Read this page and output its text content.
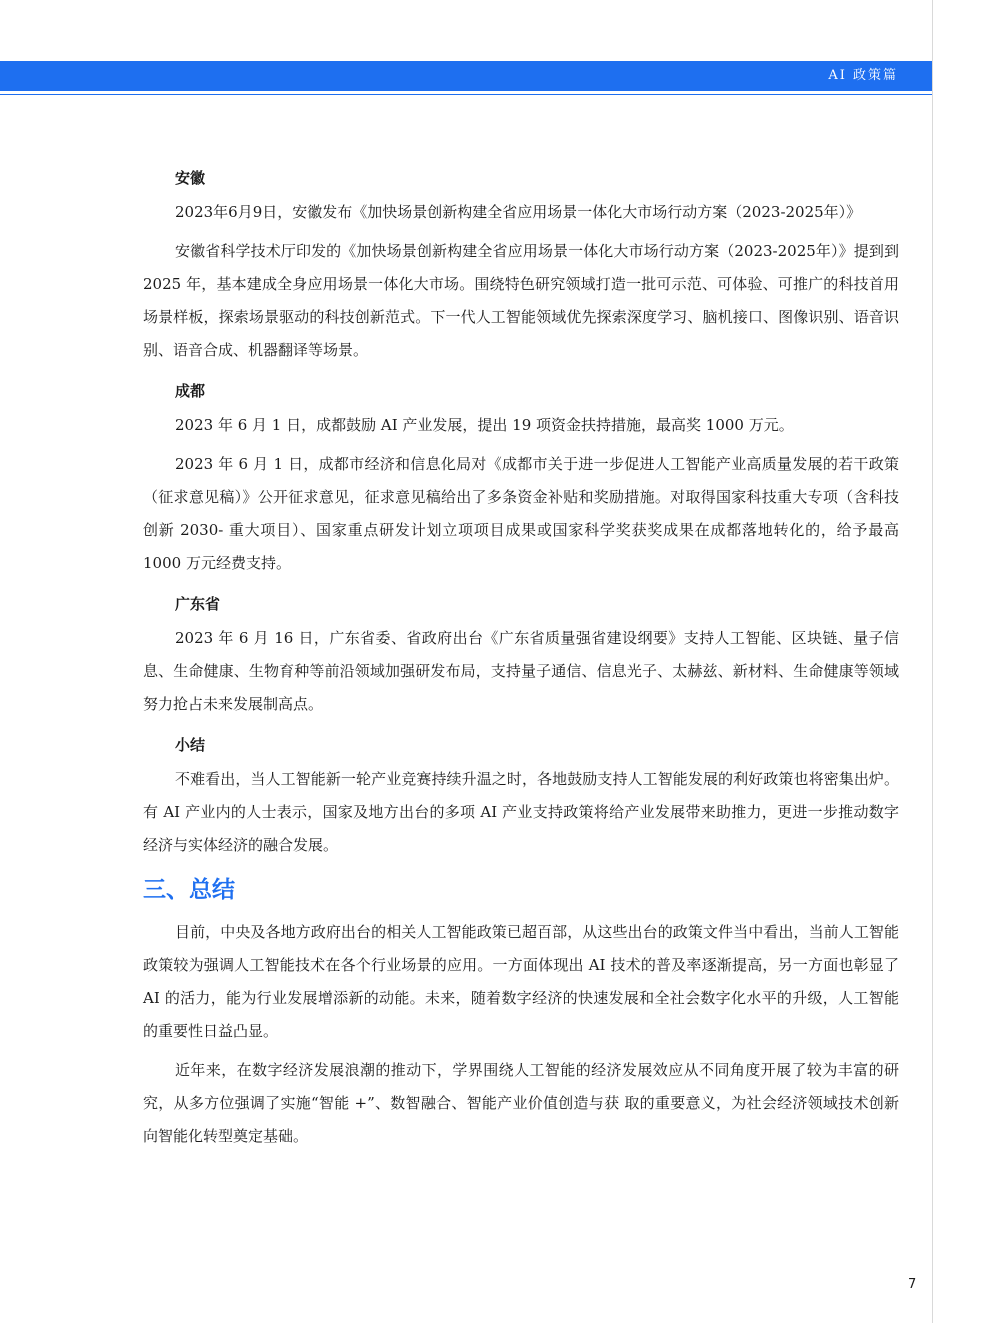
AI 政策篇
安徽

2023年6月9日，安徽发布《加快场景创新构建全省应用场景一体化大市场行动方案（2023-2025年）》

安徽省科学技术厅印发的《加快场景创新构建全省应用场景一体化大市场行动方案（2023-2025年）》提到到 2025 年，基本建成全身应用场景一体化大市场。围绕特色研究领域打造一批可示范、可体验、可推广的科技首用场景样板，探索场景驱动的科技创新范式。下一代人工智能领域优先探索深度学习、脑机接口、图像识别、语音识别、语音合成、机器翻译等场景。

成都

2023 年 6 月 1 日，成都鼓励 AI 产业发展，提出 19 项资金扶持措施，最高奖 1000 万元。

2023 年 6 月 1 日，成都市经济和信息化局对《成都市关于进一步促进人工智能产业高质量发展的若干政策（征求意见稿）》公开征求意见，征求意见稿给出了多条资金补贴和奖励措施。对取得国家科技重大专项（含科技创新 2030- 重大项目）、国家重点研发计划立项项目成果或国家科学奖获奖成果在成都落地转化的，给予最高 1000 万元经费支持。

广东省

2023 年 6 月 16 日，广东省委、省政府出台《广东省质量强省建设纲要》支持人工智能、区块链、量子信息、生命健康、生物育种等前沿领域加强研发布局，支持量子通信、信息光子、太赫兹、新材料、生命健康等领域努力抢占未来发展制高点。

小结

不难看出，当人工智能新一轮产业竞赛持续升温之时，各地鼓励支持人工智能发展的利好政策也将密集出炉。有 AI 产业内的人士表示，国家及地方出台的多项 AI 产业支持政策将给产业发展带来助推力，更进一步推动数字经济与实体经济的融合发展。

三、总结

目前，中央及各地方政府出台的相关人工智能政策已超百部，从这些出台的政策文件当中看出，当前人工智能政策较为强调人工智能技术在各个行业场景的应用。一方面体现出 AI 技术的普及率逐渐提高，另一方面也彰显了 AI 的活力，能为行业发展增添新的动能。未来，随着数字经济的快速发展和全社会数字化水平的升级，人工智能的重要性日益凸显。

近年来，在数字经济发展浪潮的推动下，学界围绕人工智能的经济发展效应从不同角度开展了较为丰富的研究，从多方位强调了实施“智能 +”、数智融合、智能产业价值创造与获 取的重要意义，为社会经济领域技术创新向智能化转型奠定基础。

7
